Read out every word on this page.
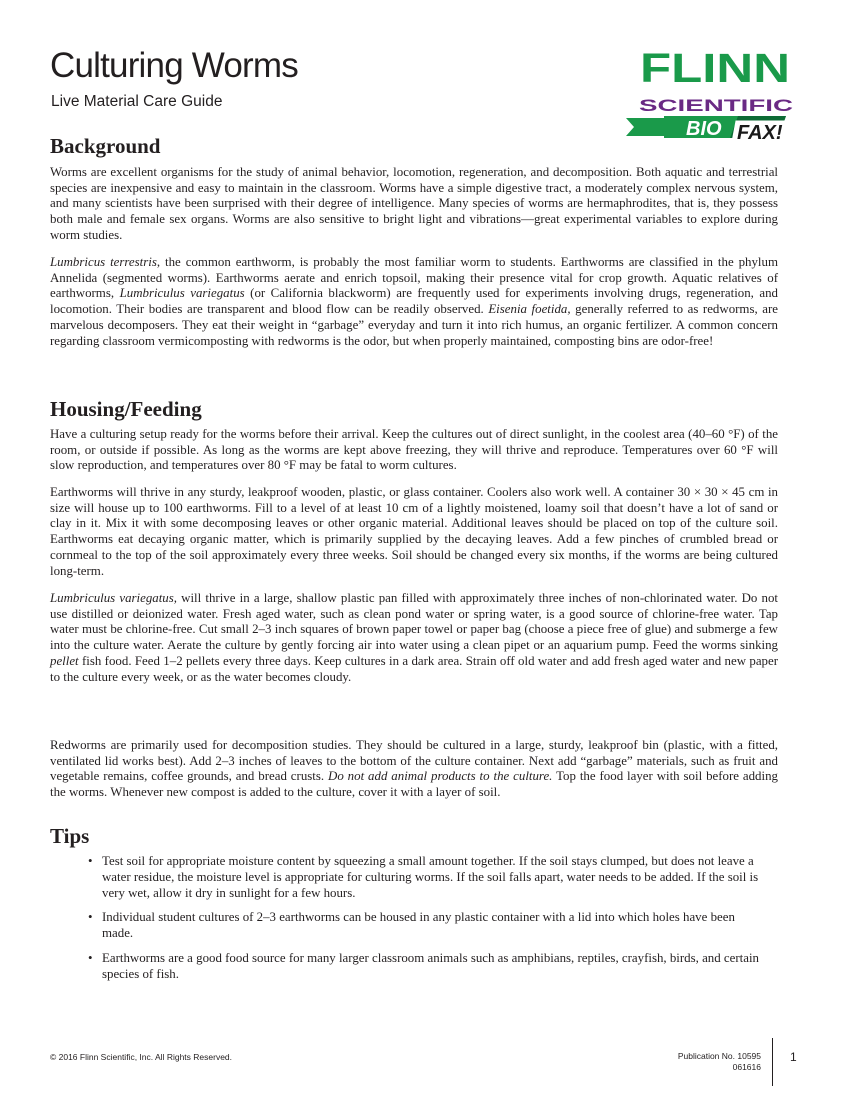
Culturing Worms
Live Material Care Guide
FLINN
SCIENTIFIC
BIO FAX!
Background

Worms are excellent organisms for the study of animal behavior, locomotion, regeneration, and decomposition. Both aquatic and terrestrial species are inexpensive and easy to maintain in the classroom. Worms have a simple digestive tract, a moderately complex nervous system, and many scientists have been surprised with their degree of intelligence. Many species of worms are hermaphrodites, that is, they possess both male and female sex organs. Worms are also sensitive to bright light and vibrations—great experimental variables to explore during worm studies.

Lumbricus terrestris, the common earthworm, is probably the most familiar worm to students. Earthworms are classified in the phylum Annelida (segmented worms). Earthworms aerate and enrich topsoil, making their presence vital for crop growth. Aquatic relatives of earthworms, Lumbriculus variegatus (or California blackworm) are frequently used for experiments involving drugs, regeneration, and locomotion. Their bodies are transparent and blood flow can be readily observed. Eisenia foetida, generally referred to as redworms, are marvelous decomposers. They eat their weight in “garbage” everyday and turn it into rich humus, an organic fertilizer. A common concern regarding classroom vermicomposting with redworms is the odor, but when properly maintained, composting bins are odor-free!

Housing/Feeding

Have a culturing setup ready for the worms before their arrival. Keep the cultures out of direct sunlight, in the coolest area (40–60 °F) of the room, or outside if possible. As long as the worms are kept above freezing, they will thrive and reproduce. Temperatures over 60 °F will slow reproduction, and temperatures over 80 °F may be fatal to worm cultures.

Earthworms will thrive in any sturdy, leakproof wooden, plastic, or glass container. Coolers also work well. A container 30 × 30 × 45 cm in size will house up to 100 earthworms. Fill to a level of at least 10 cm of a lightly moistened, loamy soil that doesn’t have a lot of sand or clay in it. Mix it with some decomposing leaves or other organic material. Additional leaves should be placed on top of the culture soil. Earthworms eat decaying organic matter, which is primarily supplied by the decaying leaves. Add a few pinches of crumbled bread or cornmeal to the top of the soil approximately every three weeks. Soil should be changed every six months, if the worms are being cultured long-term.

Lumbriculus variegatus, will thrive in a large, shallow plastic pan filled with approximately three inches of non-chlorinated water. Do not use distilled or deionized water. Fresh aged water, such as clean pond water or spring water, is a good source of chlorine-free water. Tap water must be chlorine-free. Cut small 2–3 inch squares of brown paper towel or paper bag (choose a piece free of glue) and submerge a few into the culture water. Aerate the culture by gently forcing air into water using a clean pipet or an aquarium pump. Feed the worms sinking pellet fish food. Feed 1–2 pellets every three days. Keep cultures in a dark area. Strain off old water and add fresh aged water and new paper to the culture every week, or as the water becomes cloudy.

Redworms are primarily used for decomposition studies. They should be cultured in a large, sturdy, leakproof bin (plastic, with a fitted, ventilated lid works best). Add 2–3 inches of leaves to the bottom of the culture container. Next add “garbage” materials, such as fruit and vegetable remains, coffee grounds, and bread crusts. Do not add animal products to the culture. Top the food layer with soil before adding the worms. Whenever new compost is added to the culture, cover it with a layer of soil.

Tips
• Test soil for appropriate moisture content by squeezing a small amount together. If the soil stays clumped, but does not leave a water residue, the moisture level is appropriate for culturing worms. If the soil falls apart, water needs to be added. If the soil is very wet, allow it dry in sunlight for a few hours.
• Individual student cultures of 2–3 earthworms can be housed in any plastic container with a lid into which holes have been made.
• Earthworms are a good food source for many larger classroom animals such as amphibians, reptiles, crayfish, birds, and certain species of fish.
© 2016 Flinn Scientific, Inc. All Rights Reserved.	Publication No. 10595
061616
1
